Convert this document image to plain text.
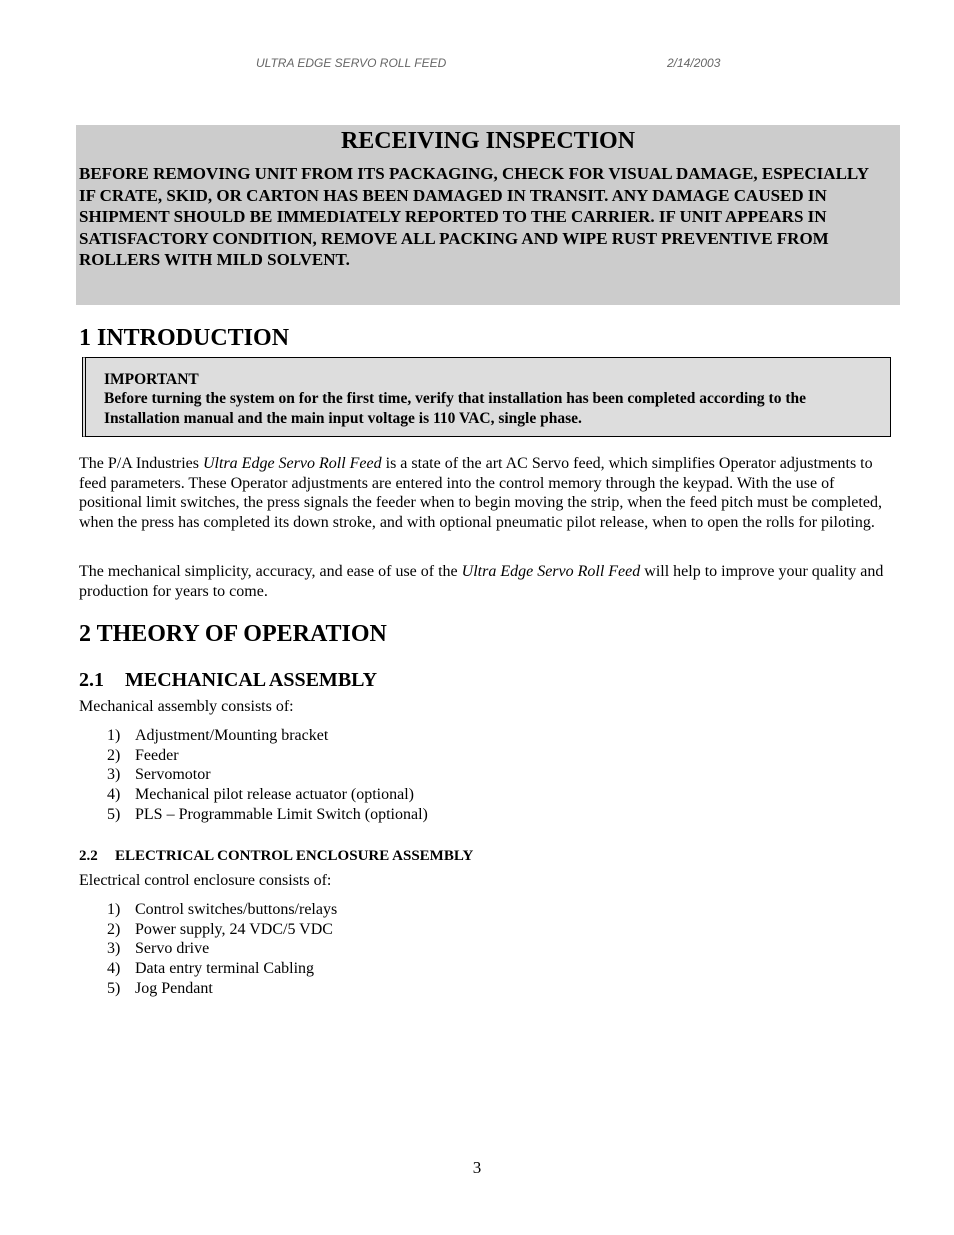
ULTRA EDGE SERVO ROLL FEED	2/14/2003
RECEIVING INSPECTION

BEFORE REMOVING UNIT FROM ITS PACKAGING, CHECK FOR VISUAL DAMAGE, ESPECIALLY IF CRATE, SKID, OR CARTON HAS BEEN DAMAGED IN TRANSIT. ANY DAMAGE CAUSED IN SHIPMENT SHOULD BE IMMEDIATELY REPORTED TO THE CARRIER. IF UNIT APPEARS IN SATISFACTORY CONDITION, REMOVE ALL PACKING AND WIPE RUST PREVENTIVE FROM ROLLERS WITH MILD SOLVENT.

1 INTRODUCTION
IMPORTANT
Before turning the system on for the first time, verify that installation has been completed according to the Installation manual and the main input voltage is 110 VAC, single phase.

The P/A Industries Ultra Edge Servo Roll Feed is a state of the art AC Servo feed, which simplifies Operator adjustments to feed parameters. These Operator adjustments are entered into the control memory through the keypad. With the use of positional limit switches, the press signals the feeder when to begin moving the strip, when the feed pitch must be completed, when the press has completed its down stroke, and with optional pneumatic pilot release, when to open the rolls for piloting.

The mechanical simplicity, accuracy, and ease of use of the Ultra Edge Servo Roll Feed will help to improve your quality and production for years to come.

2 THEORY OF OPERATION
2.1 MECHANICAL ASSEMBLY

Mechanical assembly consists of:

1) Adjustment/Mounting bracket
2) Feeder
3) Servomotor
4) Mechanical pilot release actuator (optional)
5) PLS – Programmable Limit Switch (optional)
2.2 ELECTRICAL CONTROL ENCLOSURE ASSEMBLY

Electrical control enclosure consists of:

1) Control switches/buttons/relays
2) Power supply, 24 VDC/5 VDC
3) Servo drive
4) Data entry terminal Cabling
5) Jog Pendant
3
